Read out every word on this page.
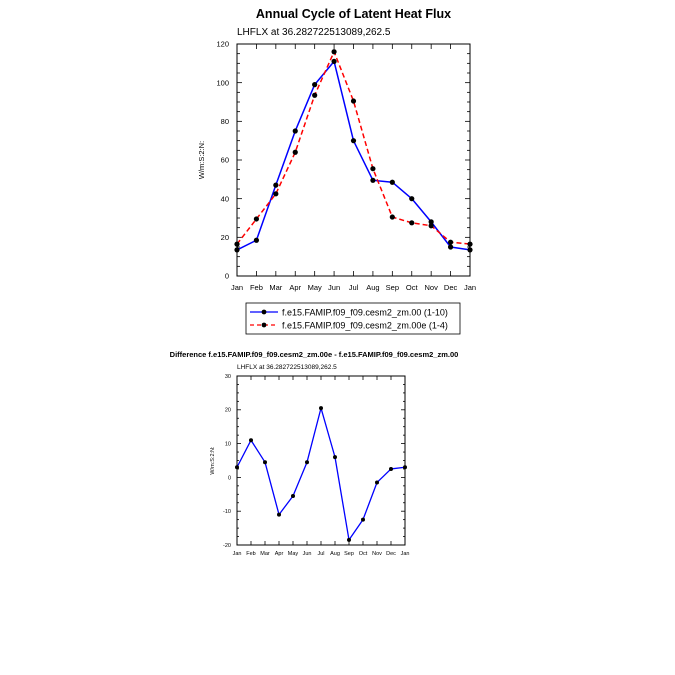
Annual Cycle of Latent Heat Flux
LHFLX at 36.282722513089,262.5
W/m:S:2:N:
0
20
40
60
80
100
120
Jan Feb Mar Apr May Jun Jul Aug Sep Oct Nov Dec Jan
f.e15.FAMIP.f09_f09.cesm2_zm.00 (1-10)
f.e15.FAMIP.f09_f09.cesm2_zm.00e (1-4)
Difference f.e15.FAMIP.f09_f09.cesm2_zm.00e - f.e15.FAMIP.f09_f09.cesm2_zm.00
LHFLX at 36.282722513089,262.5
W/m:S:2:N:
-20
-10
0
10
20
30
Jan Feb Mar Apr May Jun Jul Aug Sep Oct Nov Dec Jan
